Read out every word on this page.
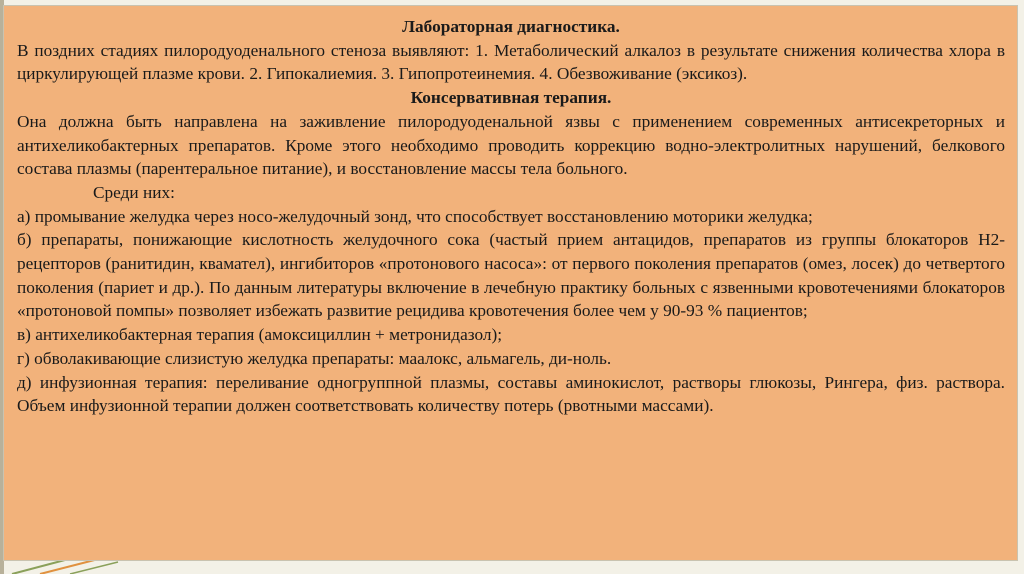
Лабораторная диагностика.

В поздних стадиях пилородуоденального стеноза выявляют: 1. Метаболический алкалоз в результате снижения количества хлора в циркулирующей плазме крови. 2. Гипокалиемия. 3. Гипопротеинемия. 4. Обезвоживание (эксикоз).

Консервативная терапия.

Она должна быть направлена на заживление пилородуоденальной язвы с применением современных антисекреторных и антихеликобактерных препаратов. Кроме этого необходимо проводить коррекцию водно-электролитных нарушений, белкового состава плазмы (парентеральное питание), и восстановление массы тела больного.

Среди них:

а) промывание желудка через носо-желудочный зонд, что способствует восстановлению моторики желудка;

б) препараты, понижающие кислотность желудочного сока (частый прием антацидов, препаратов из группы блокаторов Н2-рецепторов (ранитидин, квамател), ингибиторов «протонового насоса»: от первого поколения препаратов (омез, лосек) до четвертого поколения (париет и др.). По данным литературы включение в лечебную практику больных с язвенными кровотечениями блокаторов «протоновой помпы» позволяет избежать развитие рецидива кровотечения более чем у 90-93 % пациентов;

в) антихеликобактерная терапия (амоксициллин + метронидазол);

г) обволакивающие слизистую желудка препараты: маалокс, альмагель, ди-ноль.

д) инфузионная терапия: переливание одногруппной плазмы, составы аминокислот, растворы глюкозы, Рингера, физ. раствора. Объем инфузионной терапии должен соответствовать количеству потерь (рвотными массами).
